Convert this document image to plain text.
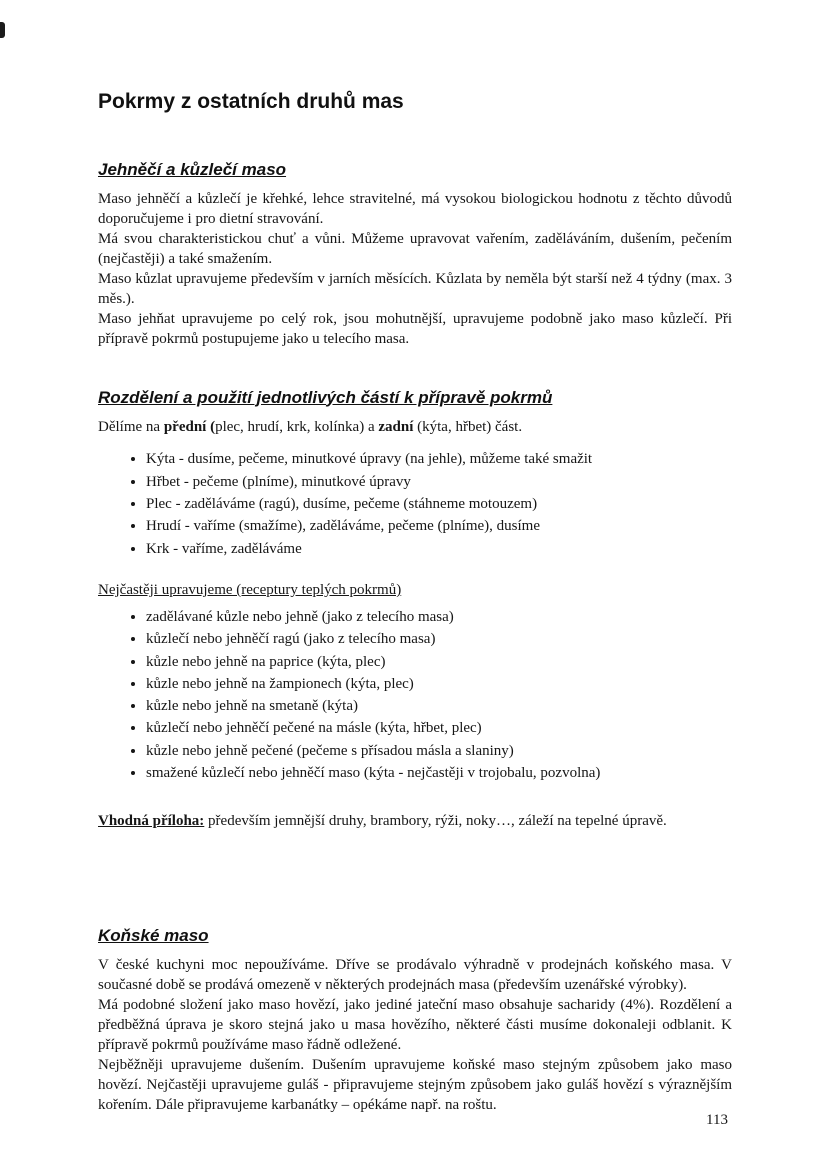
Pokrmy z ostatních druhů mas
Jehněčí a kůzlečí maso

Maso jehněčí a kůzlečí je křehké, lehce stravitelné, má vysokou biologickou hodnotu z těchto důvodů doporučujeme i pro dietní stravování.

Má svou charakteristickou chuť a vůni. Můžeme upravovat vařením, zaděláváním, dušením, pečením (nejčastěji) a také smažením.

Maso kůzlat upravujeme především v jarních měsících. Kůzlata by neměla být starší než 4 týdny (max. 3 měs.).

Maso jehňat upravujeme po celý rok, jsou mohutnější, upravujeme podobně jako maso kůzlečí. Při přípravě pokrmů postupujeme jako u telecího masa.

Rozdělení a použití jednotlivých částí k přípravě pokrmů

Dělíme na přední (plec, hrudí, krk, kolínka) a zadní (kýta, hřbet) část.

• Kýta - dusíme, pečeme, minutkové úpravy (na jehle), můžeme také smažit
• Hřbet - pečeme (plníme), minutkové úpravy
• Plec - zaděláváme (ragú), dusíme, pečeme (stáhneme motouzem)
• Hrudí - vaříme (smažíme), zaděláváme, pečeme (plníme), dusíme
• Krk - vaříme, zaděláváme

Nejčastěji upravujeme (receptury teplých pokrmů)

• zadělávané kůzle nebo jehně (jako z telecího masa)
• kůzlečí nebo jehněčí ragú (jako z telecího masa)
• kůzle nebo jehně na paprice (kýta, plec)
• kůzle nebo jehně na žampionech (kýta, plec)
• kůzle nebo jehně na smetaně (kýta)
• kůzlečí nebo jehněčí pečené na másle (kýta, hřbet, plec)
• kůzle nebo jehně pečené (pečeme s přísadou másla a slaniny)
• smažené kůzlečí nebo jehněčí maso (kýta - nejčastěji v trojobalu, pozvolna)

Vhodná příloha: především jemnější druhy, brambory, rýži, noky…, záleží na tepelné úpravě.

Koňské maso

V české kuchyni moc nepoužíváme. Dříve se prodávalo výhradně v prodejnách koňského masa. V současné době se prodává omezeně v některých prodejnách masa (především uzenářské výrobky).

Má podobné složení jako maso hovězí, jako jediné jateční maso obsahuje sacharidy (4%). Rozdělení a předběžná úprava je skoro stejná jako u masa hovězího, některé části musíme dokonaleji odblanit. K přípravě pokrmů používáme maso řádně odležené.

Nejběžněji upravujeme dušením. Dušením upravujeme koňské maso stejným způsobem jako maso hovězí. Nejčastěji upravujeme guláš - připravujeme stejným způsobem jako guláš hovězí s výraznějším kořením. Dále připravujeme karbanátky – opékáme např. na roštu.

113
